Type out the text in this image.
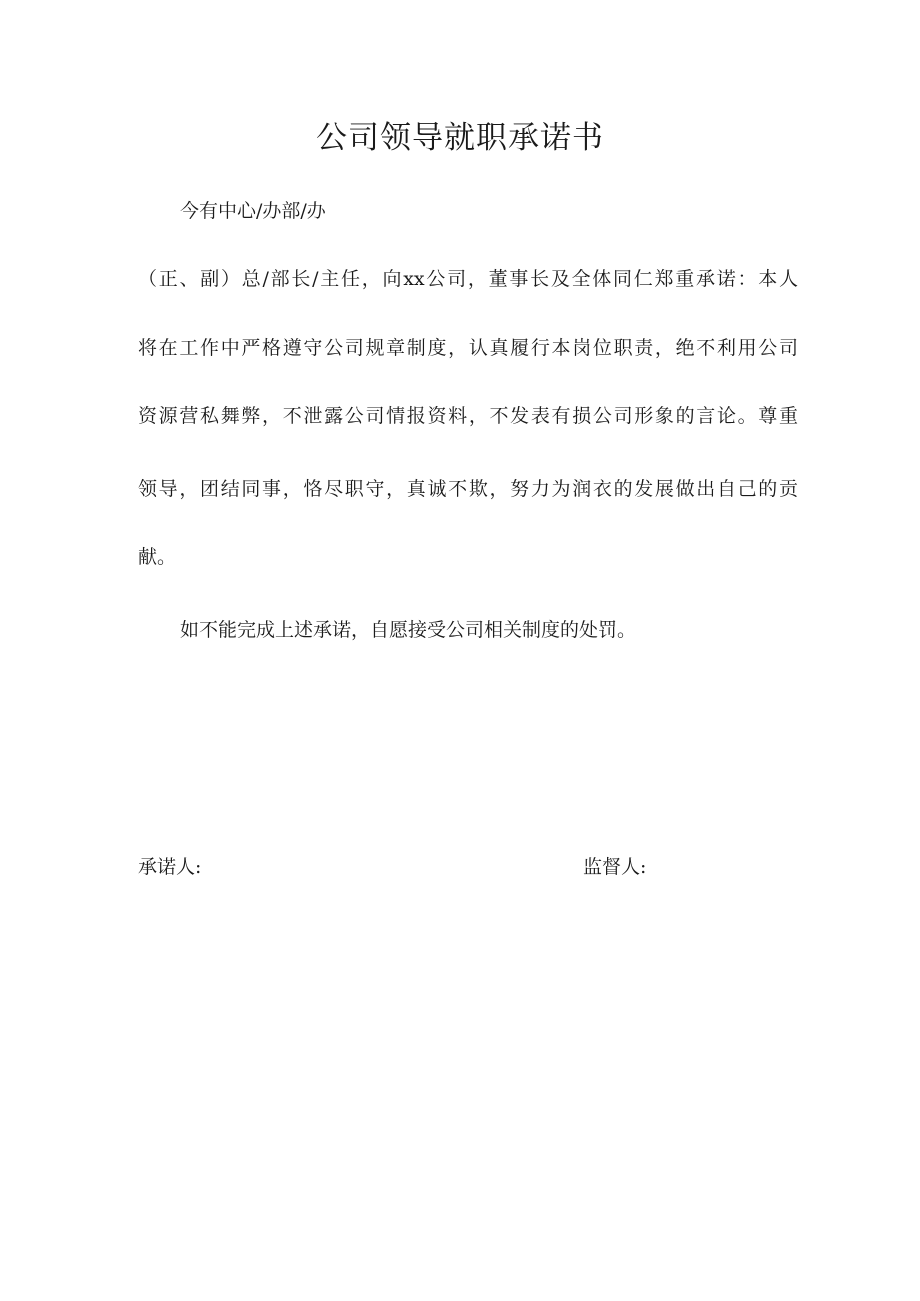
公司领导就职承诺书
今有中心/办部/办
（正、副）总/部长/主任，向xx公司，董事长及全体同仁郑重承诺：本人
将在工作中严格遵守公司规章制度，认真履行本岗位职责，绝不利用公司
资源营私舞弊，不泄露公司情报资料，不发表有损公司形象的言论。尊重
领导，团结同事，恪尽职守，真诚不欺，努力为润衣的发展做出自己的贡
献。
如不能完成上述承诺，自愿接受公司相关制度的处罚。
承诺人:	监督人:
